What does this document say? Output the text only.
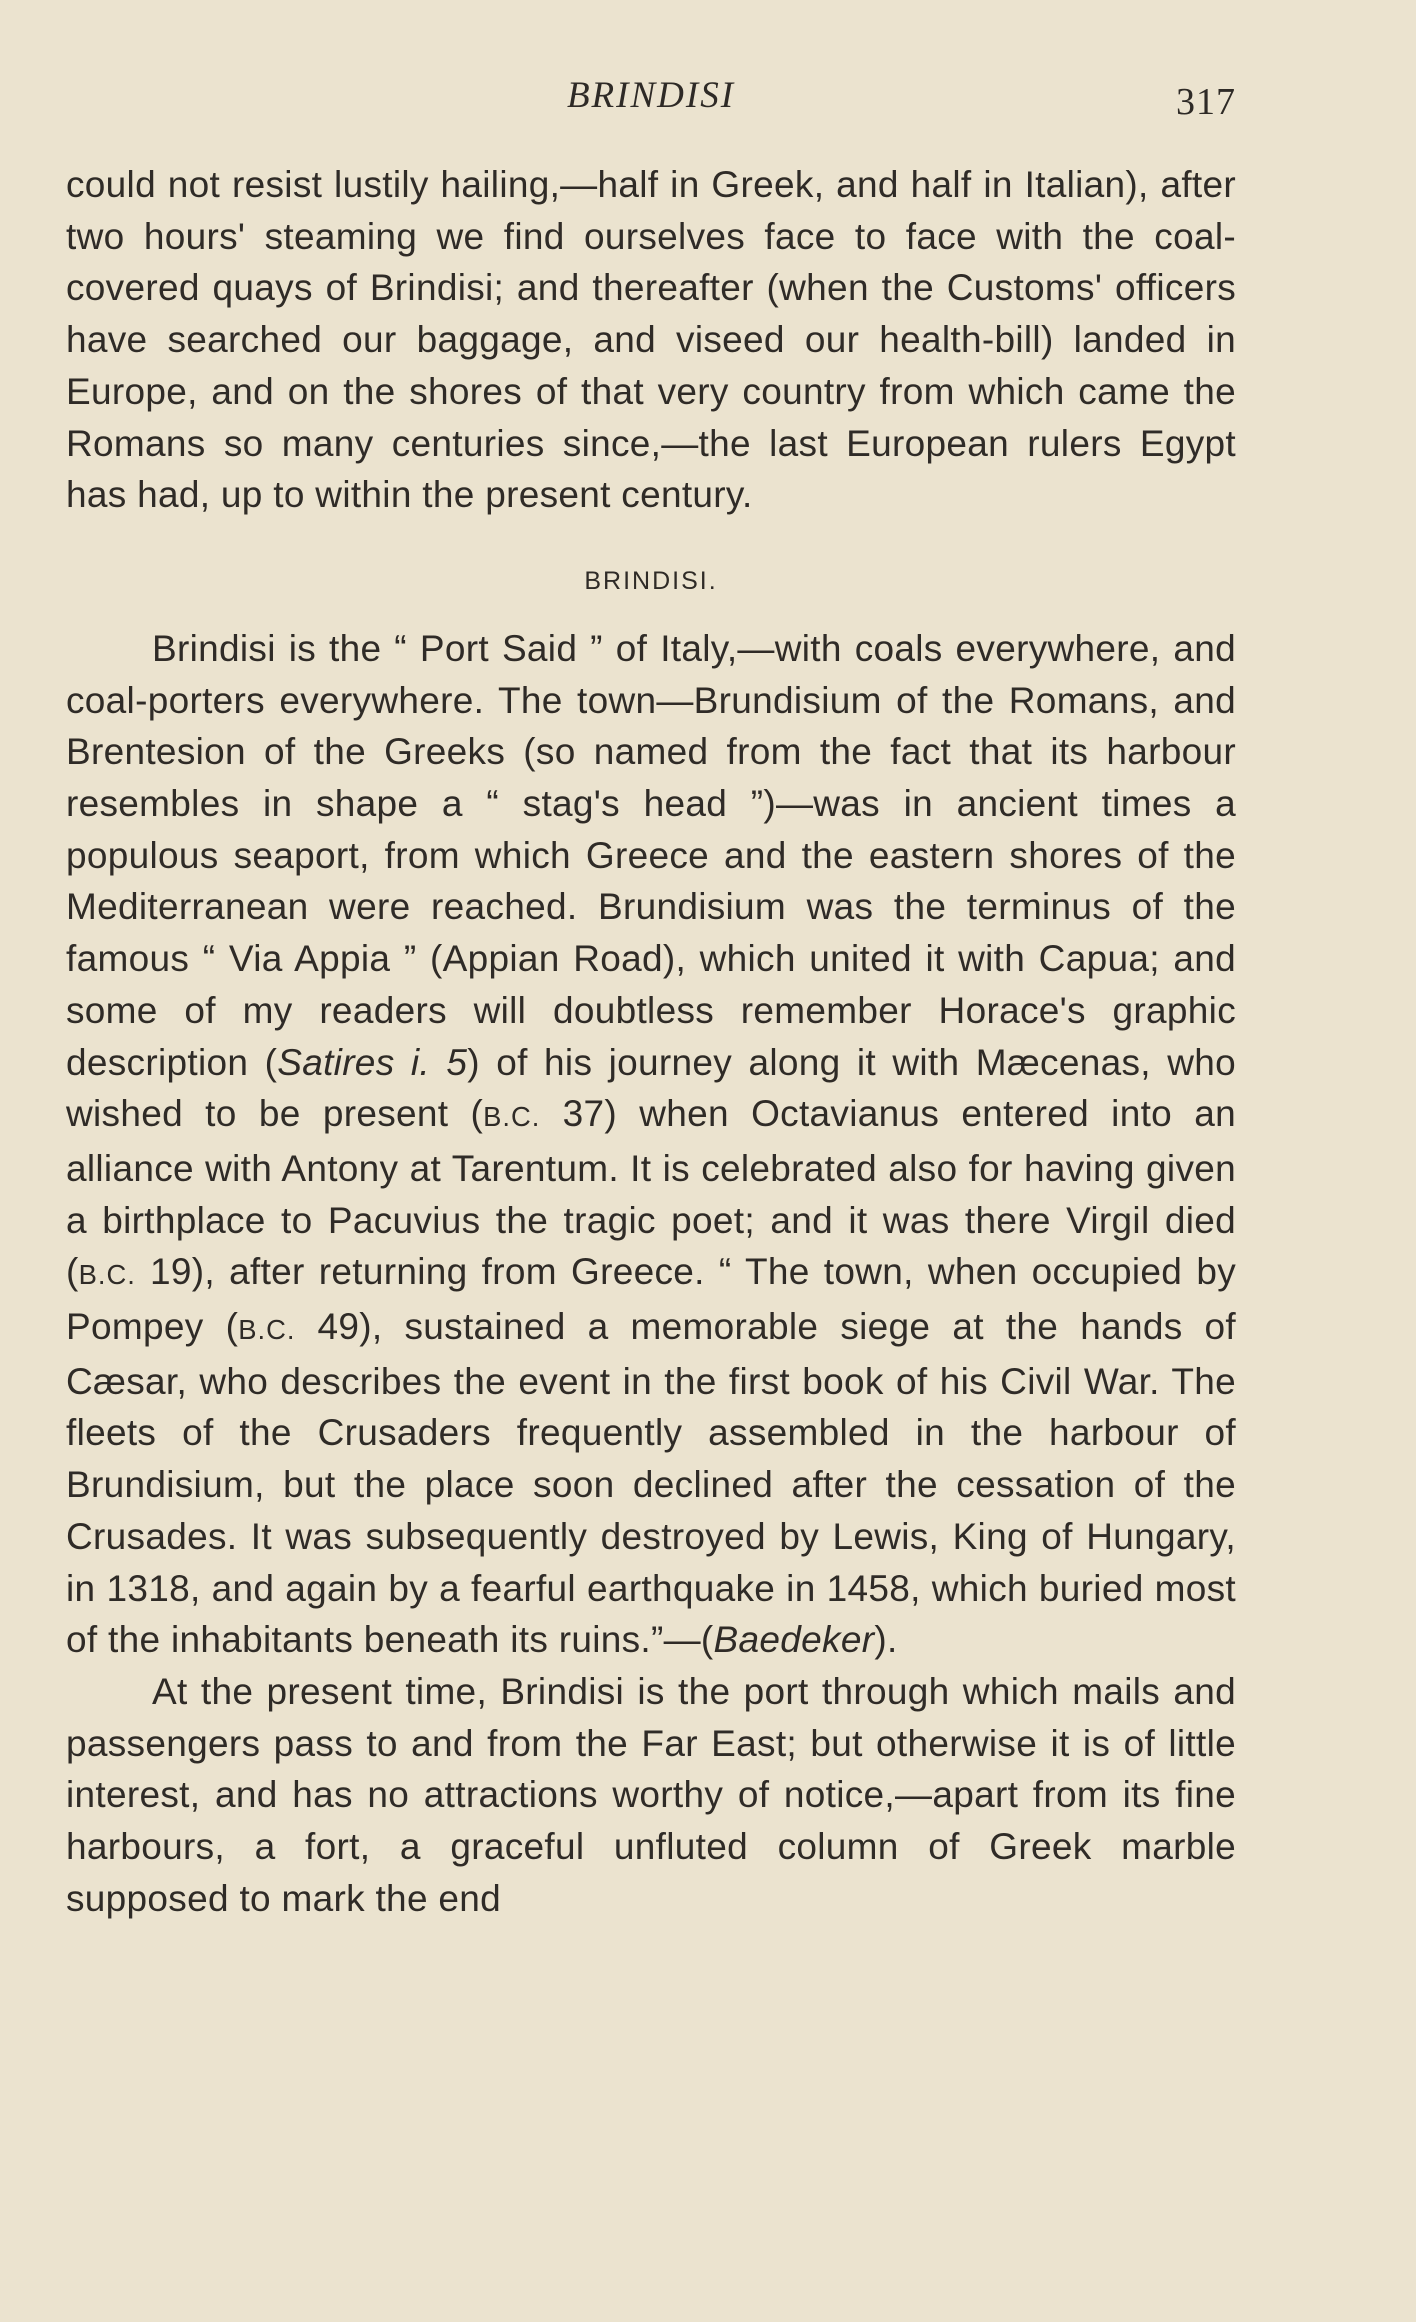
BRINDISI	317

could not resist lustily hailing,—half in Greek, and half in Italian), after two hours' steaming we find ourselves face to face with the coal-covered quays of Brindisi; and thereafter (when the Customs' officers have searched our baggage, and viseed our health-bill) landed in Europe, and on the shores of that very country from which came the Romans so many centuries since,—the last European rulers Egypt has had, up to within the present century.

BRINDISI.

Brindisi is the “ Port Said ” of Italy,—with coals everywhere, and coal-porters everywhere. The town—Brundisium of the Romans, and Brentesion of the Greeks (so named from the fact that its harbour resembles in shape a “ stag's head ”)—was in ancient times a populous seaport, from which Greece and the eastern shores of the Mediterranean were reached. Brundisium was the terminus of the famous “ Via Appia ” (Appian Road), which united it with Capua; and some of my readers will doubtless remember Horace's graphic description (Satires i. 5) of his journey along it with Mæcenas, who wished to be present (B.C. 37) when Octavianus entered into an alliance with Antony at Tarentum. It is celebrated also for having given a birthplace to Pacuvius the tragic poet; and it was there Virgil died (B.C. 19), after returning from Greece. “ The town, when occupied by Pompey (B.C. 49), sustained a memorable siege at the hands of Cæsar, who describes the event in the first book of his Civil War. The fleets of the Crusaders frequently assembled in the harbour of Brundisium, but the place soon declined after the cessation of the Crusades. It was subsequently destroyed by Lewis, King of Hungary, in 1318, and again by a fearful earthquake in 1458, which buried most of the inhabitants beneath its ruins.”—(Baedeker).

At the present time, Brindisi is the port through which mails and passengers pass to and from the Far East; but otherwise it is of little interest, and has no attractions worthy of notice,—apart from its fine harbours, a fort, a graceful unfluted column of Greek marble supposed to mark the end
